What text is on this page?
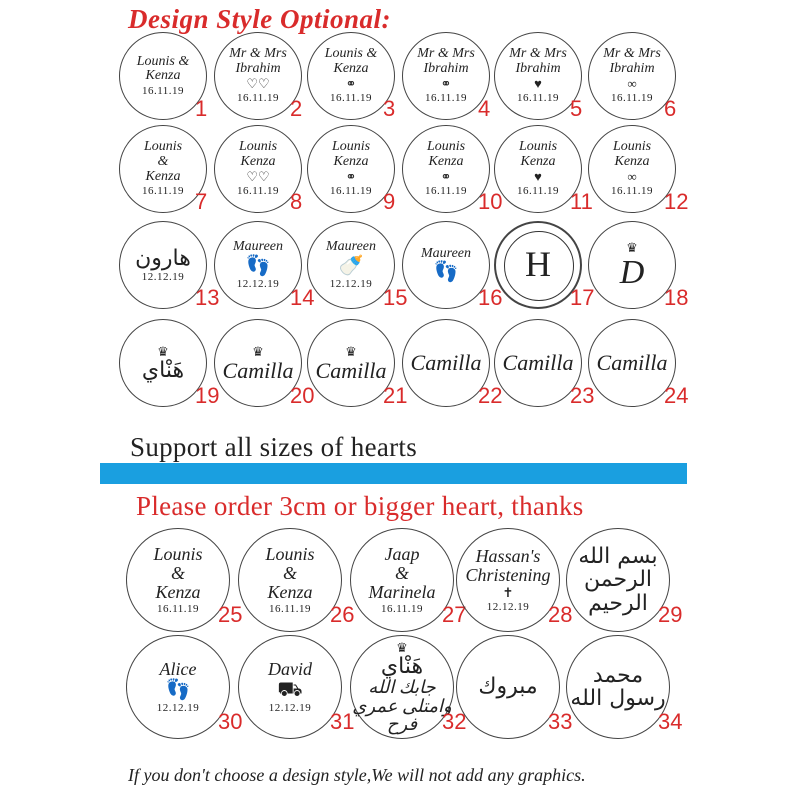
Design Style Optional:
Support all sizes of hearts
Please order 3cm or bigger heart, thanks
If you don't choose a design style,We will not add any graphics.
Lounis &
Kenza
16.11.19
1
Mr & Mrs
Ibrahim
♡♡
16.11.19 2
Lounis &
Kenza
⚭
16.11.19 3
Mr & Mrs
Ibrahim
⚭
16.11.19 4
Mr & Mrs
Ibrahim
♥
16.11.19 5
Mr & Mrs
Ibrahim
∞
16.11.19 6
Lounis
&
Kenza
16.11.19 7
Lounis
Kenza
♡♡
16.11.19 8
Lounis
Kenza
⚭
16.11.19 9
Lounis
Kenza
⚭
16.11.19 10
Lounis
Kenza
♥
16.11.19 11
Lounis
Kenza
∞
16.11.19 12
هارون
12.12.19
13
Maureen
👣
12.12.19
14
Maureen
🍼
12.12.19
15
Maureen
👣
16
H
17
♛
D
18
♛
هَنْاي
19
♛
Camilla
20
♛
Camilla
21
Camilla
22
Camilla
23
Camilla
24
Lounis
&
Kenza
16.11.19 25
Lounis
&
Kenza
16.11.19 26
Jaap
&
Marinela
16.11.19 27
Hassan's
Christening
✝
12.12.19 28
بسم الله الرحمن الرحيم 29
Alice
👣
12.12.19
30
David
⛟
12.12.19
31
♛
هَنْاي
جابك الله
وامتلى عمري
فرح 32
مبروك
33
محمد رسول الله
34
